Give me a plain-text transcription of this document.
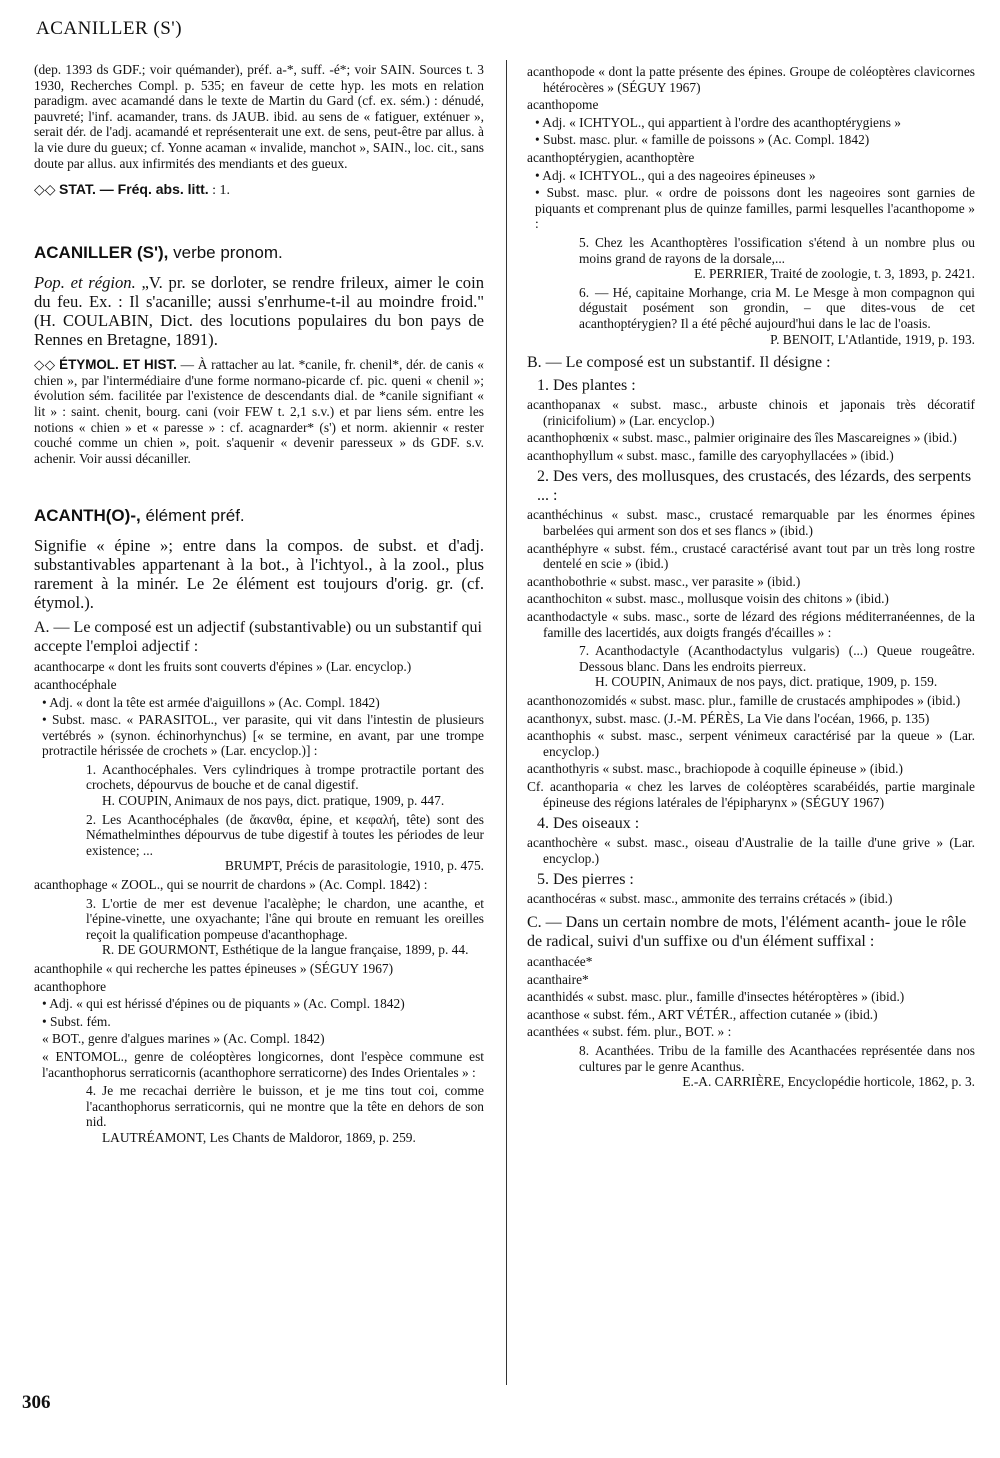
ACANILLER (S')

(dep. 1393 ds GDF.; voir quémander), préf. a-*, suff. -é*; voir SAIN. Sources t. 3 1930, Recherches Compl. p. 535; en faveur de cette hyp. les mots en relation paradigm. avec acamandé dans le texte de Martin du Gard (cf. ex. sém.) : dénudé, pauvreté; l'inf. acamander, trans. ds JAUB. ibid. au sens de « fatiguer, exténuer », serait dér. de l'adj. acamandé et représenterait une ext. de sens, peut-être par allus. à la vie dure du gueux; cf. Yonne acaman « invalide, manchot », SAIN., loc. cit., sans doute par allus. aux infirmités des mendiants et des gueux.

◇◇ STAT. — Fréq. abs. litt. : 1.

ACANILLER (S'), verbe pronom.

Pop. et région. „V. pr. se dorloter, se rendre frileux, aimer le coin du feu. Ex. : Il s'acanille; aussi s'enrhume-t-il au moindre froid." (H. COULABIN, Dict. des locutions populaires du bon pays de Rennes en Bretagne, 1891).

◇◇ ÉTYMOL. ET HIST. — À rattacher au lat. *canile, fr. chenil*, dér. de canis « chien », par l'intermédiaire d'une forme normano-picarde cf. pic. queni « chenil »; évolution sém. facilitée par l'existence de descendants dial. de *canile signifiant « lit » : saint. chenit, bourg. cani (voir FEW t. 2,1 s.v.) et par liens sém. entre les notions « chien » et « paresse » : cf. acagnarder* (s') et norm. akiennir « rester couché comme un chien », poit. s'aquenir « devenir paresseux » ds GDF. s.v. achenir. Voir aussi décaniller.

ACANTH(O)-, élément préf.

Signifie « épine »; entre dans la compos. de subst. et d'adj. substantivables appartenant à la bot., à l'ichtyol., à la zool., plus rarement à la minér. Le 2e élément est toujours d'orig. gr. (cf. étymol.).

A. — Le composé est un adjectif (substantivable) ou un substantif qui accepte l'emploi adjectif :

acanthocarpe « dont les fruits sont couverts d'épines » (Lar. encyclop.)

acanthocéphale

• Adj. « dont la tête est armée d'aiguillons » (Ac. Compl. 1842)

• Subst. masc. « PARASITOL., ver parasite, qui vit dans l'intestin de plusieurs vertébrés » (synon. échinorhynchus) [« se termine, en avant, par une trompe protractile hérissée de crochets » (Lar. encyclop.)] :

1. Acanthocéphales. Vers cylindriques à trompe protractile portant des crochets, dépourvus de bouche et de canal digestif.

H. COUPIN, Animaux de nos pays, dict. pratique, 1909, p. 447.

2. Les Acanthocéphales (de ἄκανθα, épine, et κεφαλή, tête) sont des Némathelminthes dépourvus de tube digestif à toutes les périodes de leur existence; ...

BRUMPT, Précis de parasitologie, 1910, p. 475.

acanthophage « ZOOL., qui se nourrit de chardons » (Ac. Compl. 1842) :

3. L'ortie de mer est devenue l'acalèphe; le chardon, une acanthe, et l'épine-vinette, une oxyachante; l'âne qui broute en remuant les oreilles reçoit la qualification pompeuse d'acanthophage.

R. DE GOURMONT, Esthétique de la langue française, 1899, p. 44.

acanthophile « qui recherche les pattes épineuses » (SÉGUY 1967)

acanthophore

• Adj. « qui est hérissé d'épines ou de piquants » (Ac. Compl. 1842)

• Subst. fém.

« BOT., genre d'algues marines » (Ac. Compl. 1842)

« ENTOMOL., genre de coléoptères longicornes, dont l'espèce commune est l'acanthophorus serraticornis (acanthophore serraticorne) des Indes Orientales » :

4. Je me recachai derrière le buisson, et je me tins tout coi, comme l'acanthophorus serraticornis, qui ne montre que la tête en dehors de son nid.

LAUTRÉAMONT, Les Chants de Maldoror, 1869, p. 259.

acanthopode « dont la patte présente des épines. Groupe de coléoptères clavicornes hétérocères » (SÉGUY 1967)

acanthopome

• Adj. « ICHTYOL., qui appartient à l'ordre des acanthoptérygiens »

• Subst. masc. plur. « famille de poissons » (Ac. Compl. 1842)

acanthoptérygien, acanthoptère

• Adj. « ICHTYOL., qui a des nageoires épineuses »

• Subst. masc. plur. « ordre de poissons dont les nageoires sont garnies de piquants et comprenant plus de quinze familles, parmi lesquelles l'acanthopome » :

5. Chez les Acanthoptères l'ossification s'étend à un nombre plus ou moins grand de rayons de la dorsale,...

E. PERRIER, Traité de zoologie, t. 3, 1893, p. 2421.

6. — Hé, capitaine Morhange, cria M. Le Mesge à mon compagnon qui dégustait posément son grondin, – que dites-vous de cet acanthoptérygien? Il a été pêché aujourd'hui dans le lac de l'oasis.

P. BENOIT, L'Atlantide, 1919, p. 193.

B. — Le composé est un substantif. Il désigne :

1. Des plantes :

acanthopanax « subst. masc., arbuste chinois et japonais très décoratif (rinicifolium) » (Lar. encyclop.)

acanthophœnix « subst. masc., palmier originaire des îles Mascareignes » (ibid.)

acanthophyllum « subst. masc., famille des caryophyllacées » (ibid.)

2. Des vers, des mollusques, des crustacés, des lézards, des serpents ... :

acanthéchinus « subst. masc., crustacé remarquable par les énormes épines barbelées qui arment son dos et ses flancs » (ibid.)

acanthéphyre « subst. fém., crustacé caractérisé avant tout par un très long rostre dentelé en scie » (ibid.)

acanthobothrie « subst. masc., ver parasite » (ibid.)

acanthochiton « subst. masc., mollusque voisin des chitons » (ibid.)

acanthodactyle « subs. masc., sorte de lézard des régions méditerranéennes, de la famille des lacertidés, aux doigts frangés d'écailles » :

7. Acanthodactyle (Acanthodactylus vulgaris) (...) Queue rougeâtre. Dessous blanc. Dans les endroits pierreux.

H. COUPIN, Animaux de nos pays, dict. pratique, 1909, p. 159.

acanthonozomidés « subst. masc. plur., famille de crustacés amphipodes » (ibid.)

acanthonyx, subst. masc. (J.-M. PÉRÈS, La Vie dans l'océan, 1966, p. 135)

acanthophis « subst. masc., serpent vénimeux caractérisé par la queue » (Lar. encyclop.)

acanthothyris « subst. masc., brachiopode à coquille épineuse » (ibid.)

Cf. acanthoparia « chez les larves de coléoptères scarabéidés, partie marginale épineuse des régions latérales de l'épipharynx » (SÉGUY 1967)

4. Des oiseaux :

acanthochère « subst. masc., oiseau d'Australie de la taille d'une grive » (Lar. encyclop.)

5. Des pierres :

acanthocéras « subst. masc., ammonite des terrains crétacés » (ibid.)

C. — Dans un certain nombre de mots, l'élément acanth- joue le rôle de radical, suivi d'un suffixe ou d'un élément suffixal :

acanthacée*

acanthaire*

acanthidés « subst. masc. plur., famille d'insectes hétéroptères » (ibid.)

acanthose « subst. fém., ART VÉTÉR., affection cutanée » (ibid.)

acanthées « subst. fém. plur., BOT. » :

8. Acanthées. Tribu de la famille des Acanthacées représentée dans nos cultures par le genre Acanthus.

E.-A. CARRIÈRE, Encyclopédie horticole, 1862, p. 3.

306
